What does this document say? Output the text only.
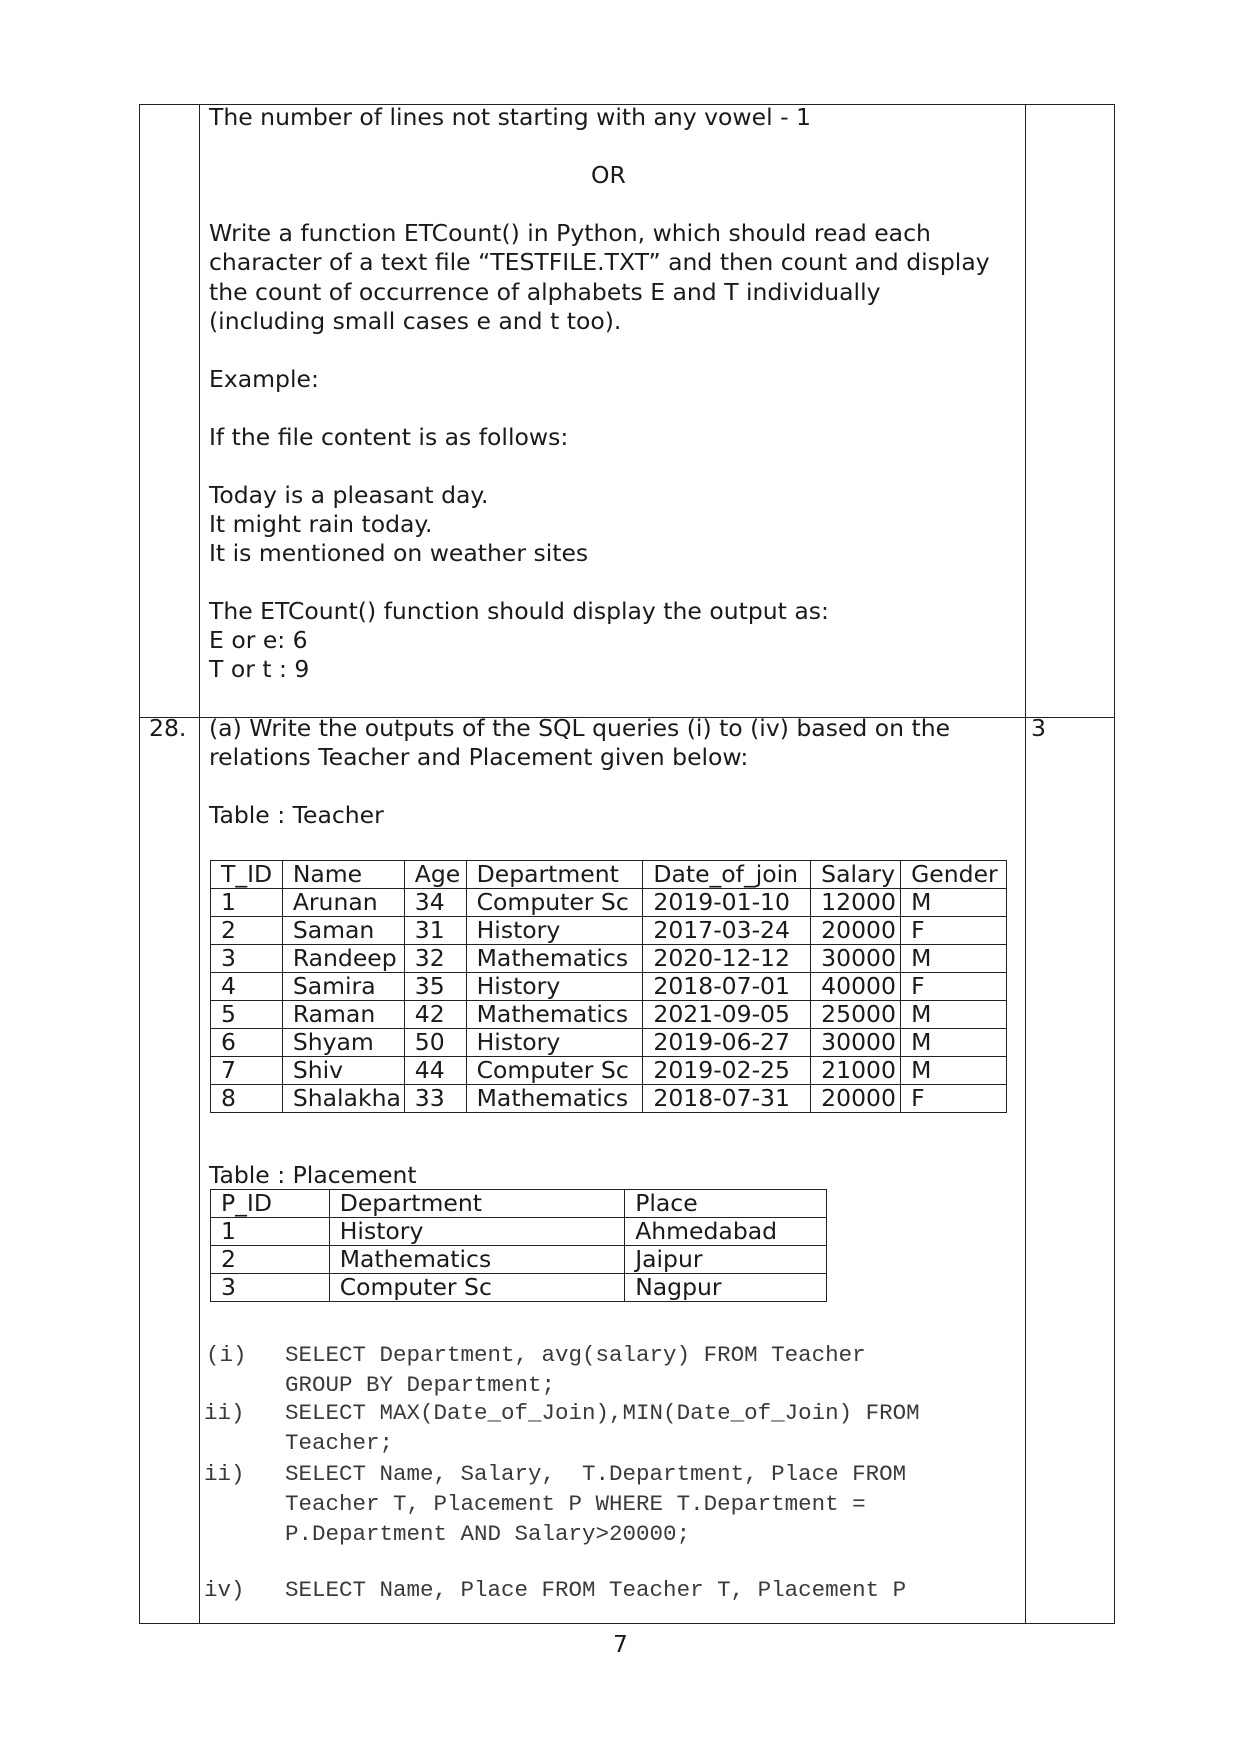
The number of lines not starting with any vowel - 1
OR
Write a function ETCount() in Python, which should read each character of a text file “TESTFILE.TXT” and then count and display the count of occurrence of alphabets E and T individually (including small cases e and t too).
Example:
If the file content is as follows:
Today is a pleasant day.
It might rain today.
It is mentioned on weather sites
The ETCount() function should display the output as:
E or e: 6
T or t : 9
28.	3
(a) Write the outputs of the SQL queries (i) to (iv) based on the relations Teacher and Placement given below:
Table : Teacher
T_ID	Name	Age	Department	Date_of_join	Salary	Gender
1	Arunan	34	Computer Sc	2019-01-10	12000	M
2	Saman	31	History	2017-03-24	20000	F
3	Randeep	32	Mathematics	2020-12-12	30000	M
4	Samira	35	History	2018-07-01	40000	F
5	Raman	42	Mathematics	2021-09-05	25000	M
6	Shyam	50	History	2019-06-27	30000	M
7	Shiv	44	Computer Sc	2019-02-25	21000	M
8	Shalakha	33	Mathematics	2018-07-31	20000	F
Table : Placement
P_ID	Department	Place
1	History	Ahmedabad
2	Mathematics	Jaipur
3	Computer Sc	Nagpur
(i) SELECT Department, avg(salary) FROM Teacher
GROUP BY Department;
ii) SELECT MAX(Date_of_Join),MIN(Date_of_Join) FROM
Teacher;
ii) SELECT Name, Salary,  T.Department, Place FROM
Teacher T, Placement P WHERE T.Department =
P.Department AND Salary>20000;
iv) SELECT Name, Place FROM Teacher T, Placement P
7
